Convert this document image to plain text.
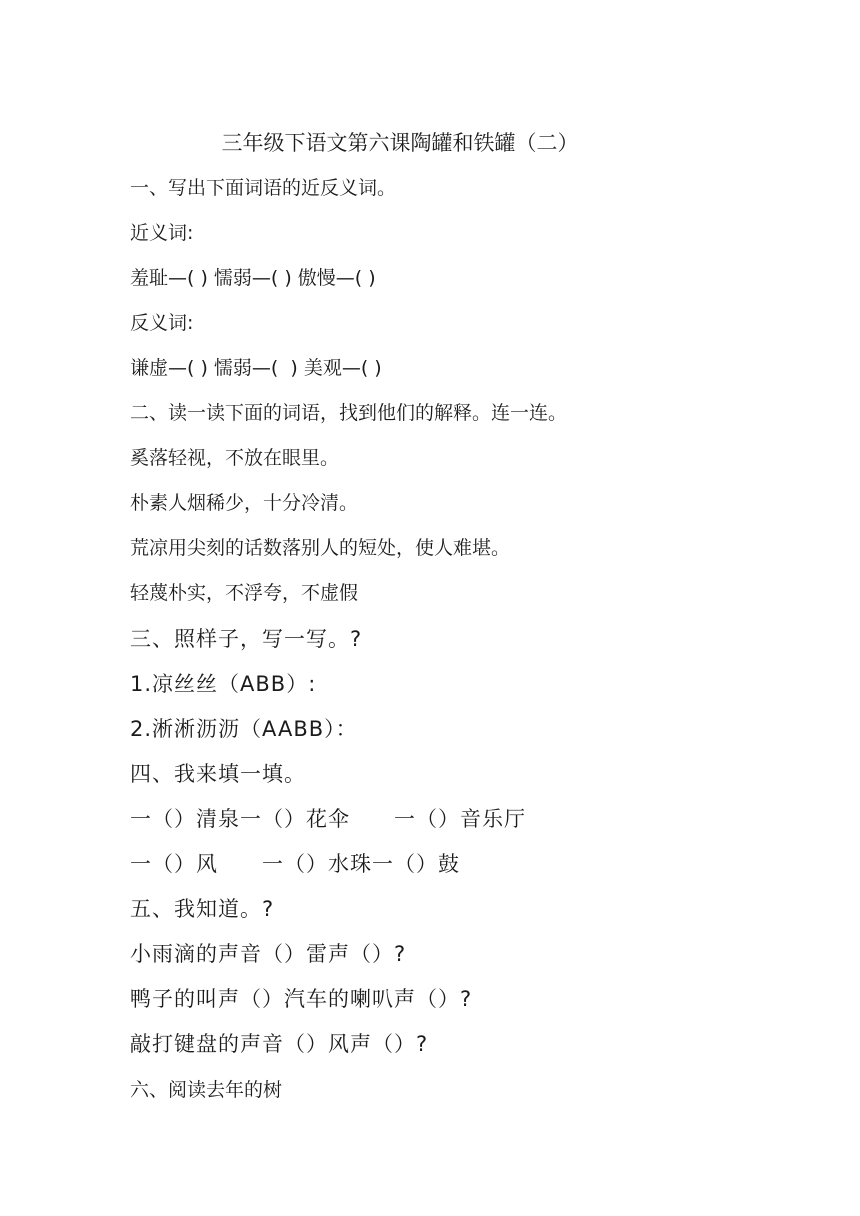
三年级下语文第六课陶罐和铁罐（二）
一、写出下面词语的近反义词。
近义词:
羞耻—( ) 懦弱—( ) 傲慢—( )
反义词:
谦虚—( ) 懦弱—(  ) 美观—( )
二、读一读下面的词语，找到他们的解释。连一连。
奚落轻视，不放在眼里。
朴素人烟稀少，十分冷清。
荒凉用尖刻的话数落别人的短处，使人难堪。
轻蔑朴实，不浮夸，不虚假
三、照样子，写一写。?
1.凉丝丝（ABB）:
2.淅淅沥沥（AABB）：
四、我来填一填。
一（）清泉一（）花伞　　一（）音乐厅
一（）风　　一（）水珠一（）鼓
五、我知道。?
小雨滴的声音（）雷声（）?
鸭子的叫声（）汽车的喇叭声（）?
敲打键盘的声音（）风声（）?
六、阅读去年的树
